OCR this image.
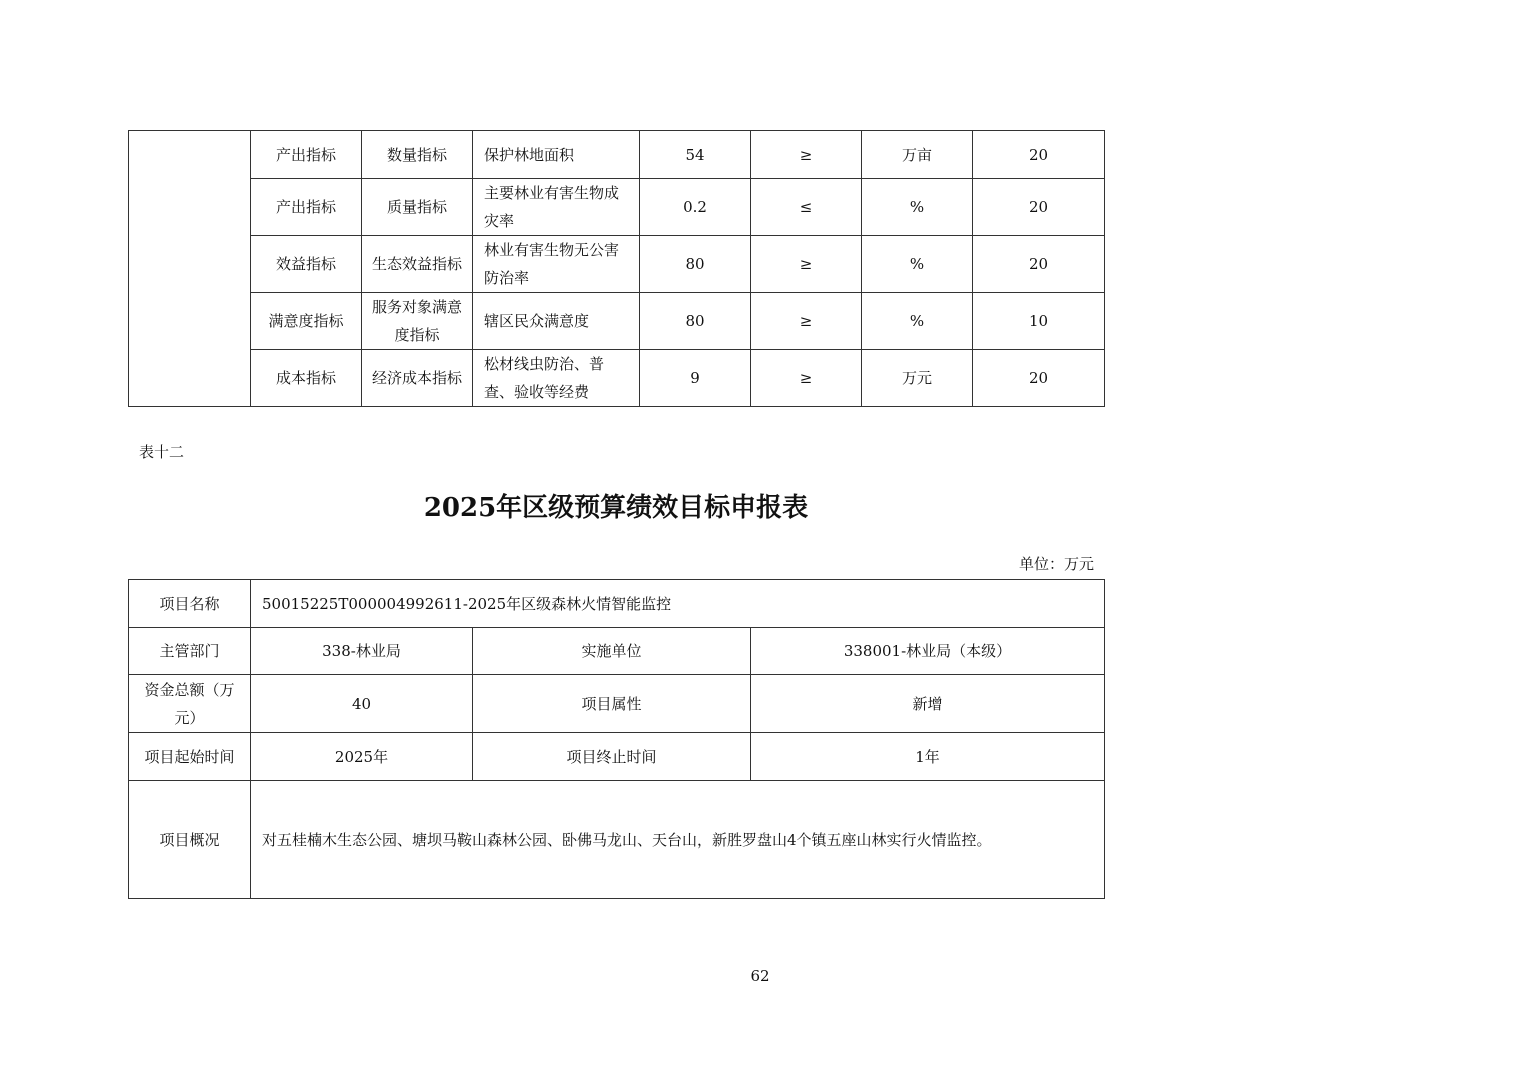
	产出指标	数量指标	保护林地面积	54	≥	万亩	20
	产出指标	质量指标	主要林业有害生物成灾率	0.2	≤	%	20
	效益指标	生态效益指标	林业有害生物无公害防治率	80	≥	%	20
	满意度指标	服务对象满意度指标	辖区民众满意度	80	≥	%	10
	成本指标	经济成本指标	松材线虫防治、普查、验收等经费	9	≥	万元	20
表十二
2025年区级预算绩效目标申报表
单位：万元
项目名称	50015225T000004992611-2025年区级森林火情智能监控		
主管部门	338-林业局	实施单位	338001-林业局（本级）
资金总额（万元）	40	项目属性	新增
项目起始时间	2025年	项目终止时间	1年
项目概况	对五桂楠木生态公园、塘坝马鞍山森林公园、卧佛马龙山、天台山，新胜罗盘山4个镇五座山林实行火情监控。		
62
